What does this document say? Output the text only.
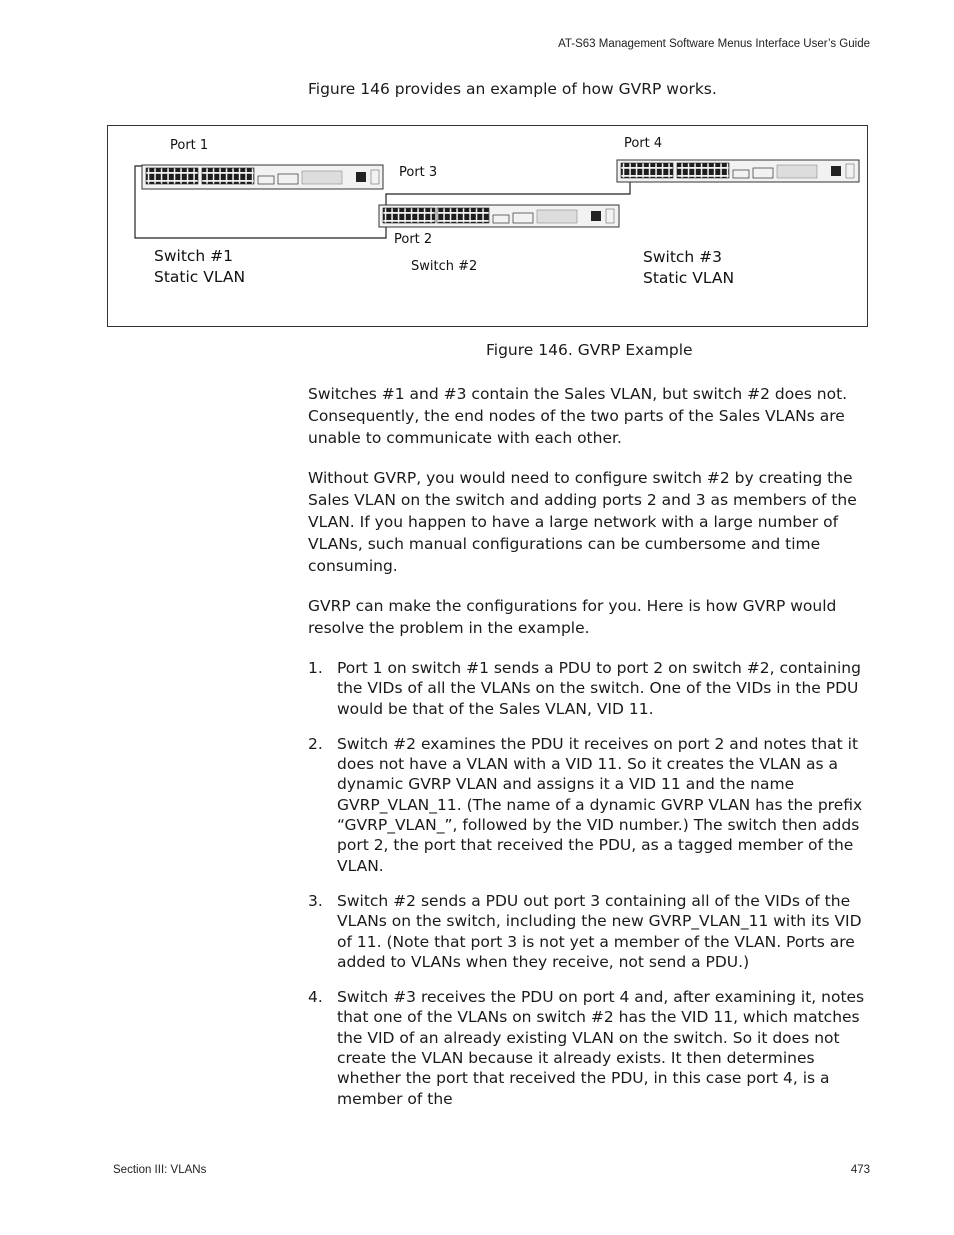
AT-S63 Management Software Menus Interface User’s Guide
Figure 146 provides an example of how GVRP works.
Port 1
Port 3
Port 2
Port 4
Switch #2
Switch #1
Static VLAN
Switch #3
Static VLAN
Figure 146. GVRP Example

Switches #1 and #3 contain the Sales VLAN, but switch #2 does not. Consequently, the end nodes of the two parts of the Sales VLANs are unable to communicate with each other.

Without GVRP, you would need to configure switch #2 by creating the Sales VLAN on the switch and adding ports 2 and 3 as members of the VLAN. If you happen to have a large network with a large number of VLANs, such manual configurations can be cumbersome and time consuming.

GVRP can make the configurations for you. Here is how GVRP would resolve the problem in the example.

1. Port 1 on switch #1 sends a PDU to port 2 on switch #2, containing the VIDs of all the VLANs on the switch. One of the VIDs in the PDU would be that of the Sales VLAN, VID 11.
2. Switch #2 examines the PDU it receives on port 2 and notes that it does not have a VLAN with a VID 11. So it creates the VLAN as a dynamic GVRP VLAN and assigns it a VID 11 and the name GVRP_VLAN_11. (The name of a dynamic GVRP VLAN has the prefix “GVRP_VLAN_”, followed by the VID number.) The switch then adds port 2, the port that received the PDU, as a tagged member of the VLAN.
3. Switch #2 sends a PDU out port 3 containing all of the VIDs of the VLANs on the switch, including the new GVRP_VLAN_11 with its VID of 11. (Note that port 3 is not yet a member of the VLAN. Ports are added to VLANs when they receive, not send a PDU.)
4. Switch #3 receives the PDU on port 4 and, after examining it, notes that one of the VLANs on switch #2 has the VID 11, which matches the VID of an already existing VLAN on the switch. So it does not create the VLAN because it already exists. It then determines whether the port that received the PDU, in this case port 4, is a member of the
Section III: VLANs	473
